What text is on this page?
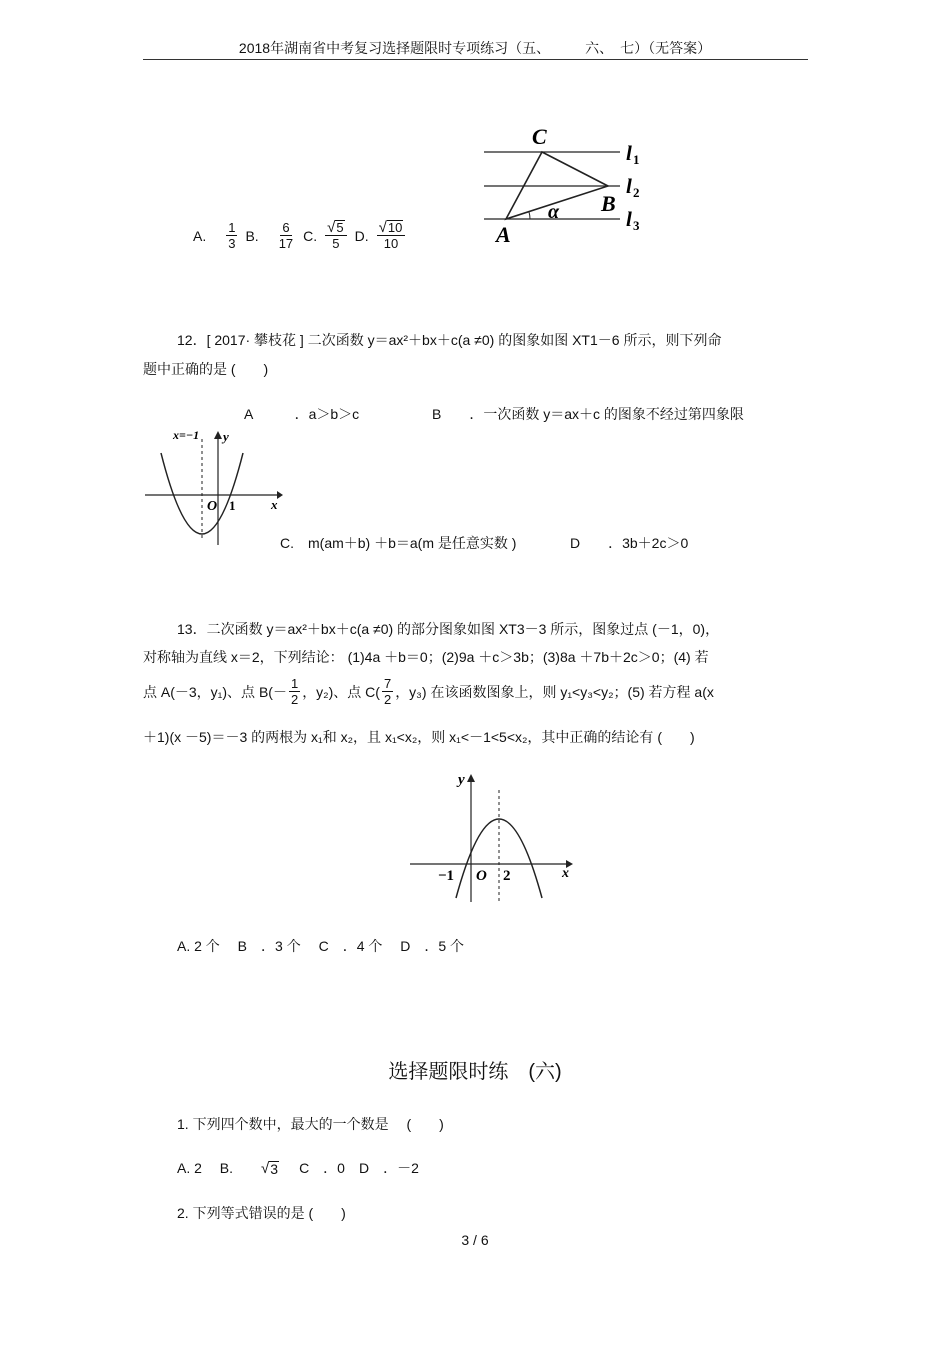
2018年湖南省中考复习选择题限时专项练习（五、　　　六、　七）（无答案）
A. $\frac{1}{3} B$. $\frac{6}{17} C$. $\frac{√ 5}{5} D$. $\frac{√ 10}{10}$
C
B
A
α
l 1
l 2
l 3
12．[ 2017· 攀枝花 ] 二次函数 y＝ax²＋bx＋c(a ≠0) 的图象如图 XT1－6 所示，则下列命
题中正确的是 (　　)
A　　　．a＞b＞c	B　　．一次函数 y＝ax＋c 的图象不经过第四象限
x=−1 y
O 1	x
C.　m(am＋b) ＋b＝a(m 是任意实数 )	D　　．3b＋2c＞0
13．二次函数 y＝ax²＋bx＋c(a ≠0) 的部分图象如图 XT3－3 所示，图象过点 (－1，0)，
对称轴为直线 x＝2，下列结论： (1)4a ＋b＝0；(2)9a ＋c＞3b；(3)8a ＋7b＋2c＞0；(4) 若
点 A(－3，y₁)、点 $B(- \frac{1}{2}$ ，y₂)、点 $C( \frac{7}{2}$ ，y₃) 在该函数图象上，则 y₁<y₃<y₂；(5) 若方程 a(x
＋1)(x －5)＝－3 的两根为 x₁和 x₂，且 x₁<x₂，则 x₁<－1<5<x₂，其中正确的结论有 (　　)
y
−1 O 2	x
A. 2 个　 B　．3 个　 C　．4 个　 D　．5 个
选择题限时练　(六)
1. 下列四个数中，最大的一个数是　 (　　)
A. 2　 B. √ 3 C　．0　D　．－2
2. 下列等式错误的是 (　　)
3 / 6
